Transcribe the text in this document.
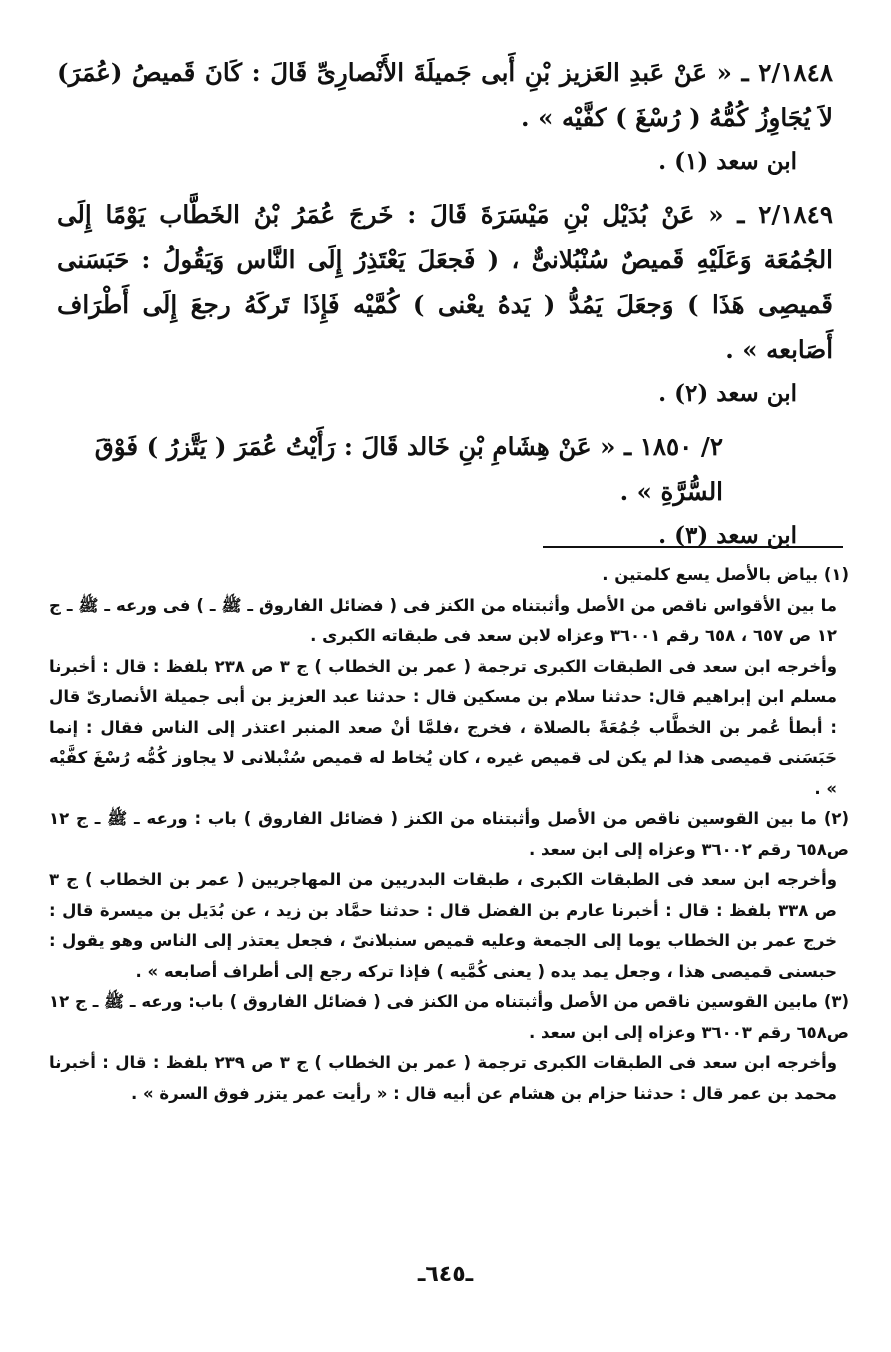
٢/١٨٤٨ ـ « عَنْ عَبدِ العَزيز بْنِ أَبى جَميلَةَ الأَنْصارِىِّ قَالَ : كَانَ قَميصُ (عُمَرَ) لاَ يُجَاوِزُ كُمُّهُ ( رُسْغَ ) كفَّيْه » .

ابن سعد (١) .

٢/١٨٤٩ ـ « عَنْ بُدَيْل بْنِ مَيْسَرَةَ قَالَ : خَرجَ عُمَرُ بْنُ الخَطَّاب يَوْمًا إِلَى الجُمُعَة وَعَلَيْهِ قَميصٌ سُنْبُلانىٌّ ، ( فَجعَلَ يَعْتَذِرُ إِلَى النَّاس وَيَقُولُ : حَبَسَنى قَميصِى هَذَا ) وَجعَلَ يَمُدُّ ( يَدهُ يعْنى ) كُمَّيْه فَإِذَا تَركَهُ رجعَ إِلَى أَطْرَاف أَصَابعه » .

ابن سعد (٢) .

٢/ ١٨٥٠ ـ « عَنْ هِشَامِ بْنِ خَالد قَالَ : رَأَيْتُ عُمَرَ ( يَتَّزرُ ) فَوْقَ السُّرَّةِ » .

ابن سعد (٣) .

(١) بياض بالأصل يسع كلمتين .

ما بين الأقواس ناقص من الأصل وأثبتناه من الكنز فى ( فضائل الفاروق ـ ﷺ ـ ) فى ورعه ـ ﷺ ـ ج ١٢ ص ٦٥٧ ، ٦٥٨ رقم ٣٦٠٠١ وعزاه لابن سعد فى طبقاته الكبرى .

وأخرجه ابن سعد فى الطبقات الكبرى ترجمة ( عمر بن الخطاب ) ج ٣ ص ٢٣٨ بلفظ : قال : أخبرنا مسلم ابن إبراهيم قال: حدثنا سلام بن مسكين قال : حدثنا عبد العزيز بن أبى جميلة الأنصارىّ قال : أبطأ عُمر بن الخطَّاب جُمُعَةً بالصلاة ، فخرج ،فلمَّا أنْ صعد المنبر اعتذر إلى الناس فقال : إنما حَبَسَنى قميصى هذا لم يكن لى قميص غيره ، كان يُخاط له قميص سُنْبلانى لا يجاوز كُمُّه رُسْغَ كفَّيْه » .

(٢) ما بين القوسين ناقص من الأصل وأثبتناه من الكنز ( فضائل الفاروق ) باب : ورعه ـ ﷺ ـ ج ١٢ ص٦٥٨ رقم ٣٦٠٠٢ وعزاه إلى ابن سعد .

وأخرجه ابن سعد فى الطبقات الكبرى ، طبقات البدريين من المهاجريين ( عمر بن الخطاب ) ج ٣ ص ٣٣٨ بلفظ : قال : أخبرنا عارم بن الفضل قال : حدثنا حمَّاد بن زيد ، عن بُدَيل بن ميسرة قال : خرج عمر بن الخطاب يوما إلى الجمعة وعليه قميص سنبلانىّ ، فجعل يعتذر إلى الناس وهو يقول : حبسنى قميصى هذا ، وجعل يمد يده ( يعنى كُمَّيه ) فإذا تركه رجع إلى أطراف أصابعه » .

(٣) مابين القوسين ناقص من الأصل وأثبتناه من الكنز فى ( فضائل الفاروق ) باب: ورعه ـ ﷺ ـ ج ١٢ ص٦٥٨ رقم ٣٦٠٠٣ وعزاه إلى ابن سعد .

وأخرجه ابن سعد فى الطبقات الكبرى ترجمة ( عمر بن الخطاب ) ج ٣ ص ٢٣٩ بلفظ : قال : أخبرنا محمد بن عمر قال : حدثنا حزام بن هشام عن أبيه قال : « رأيت عمر يتزر فوق السرة » .

ـ٦٤٥ـ
